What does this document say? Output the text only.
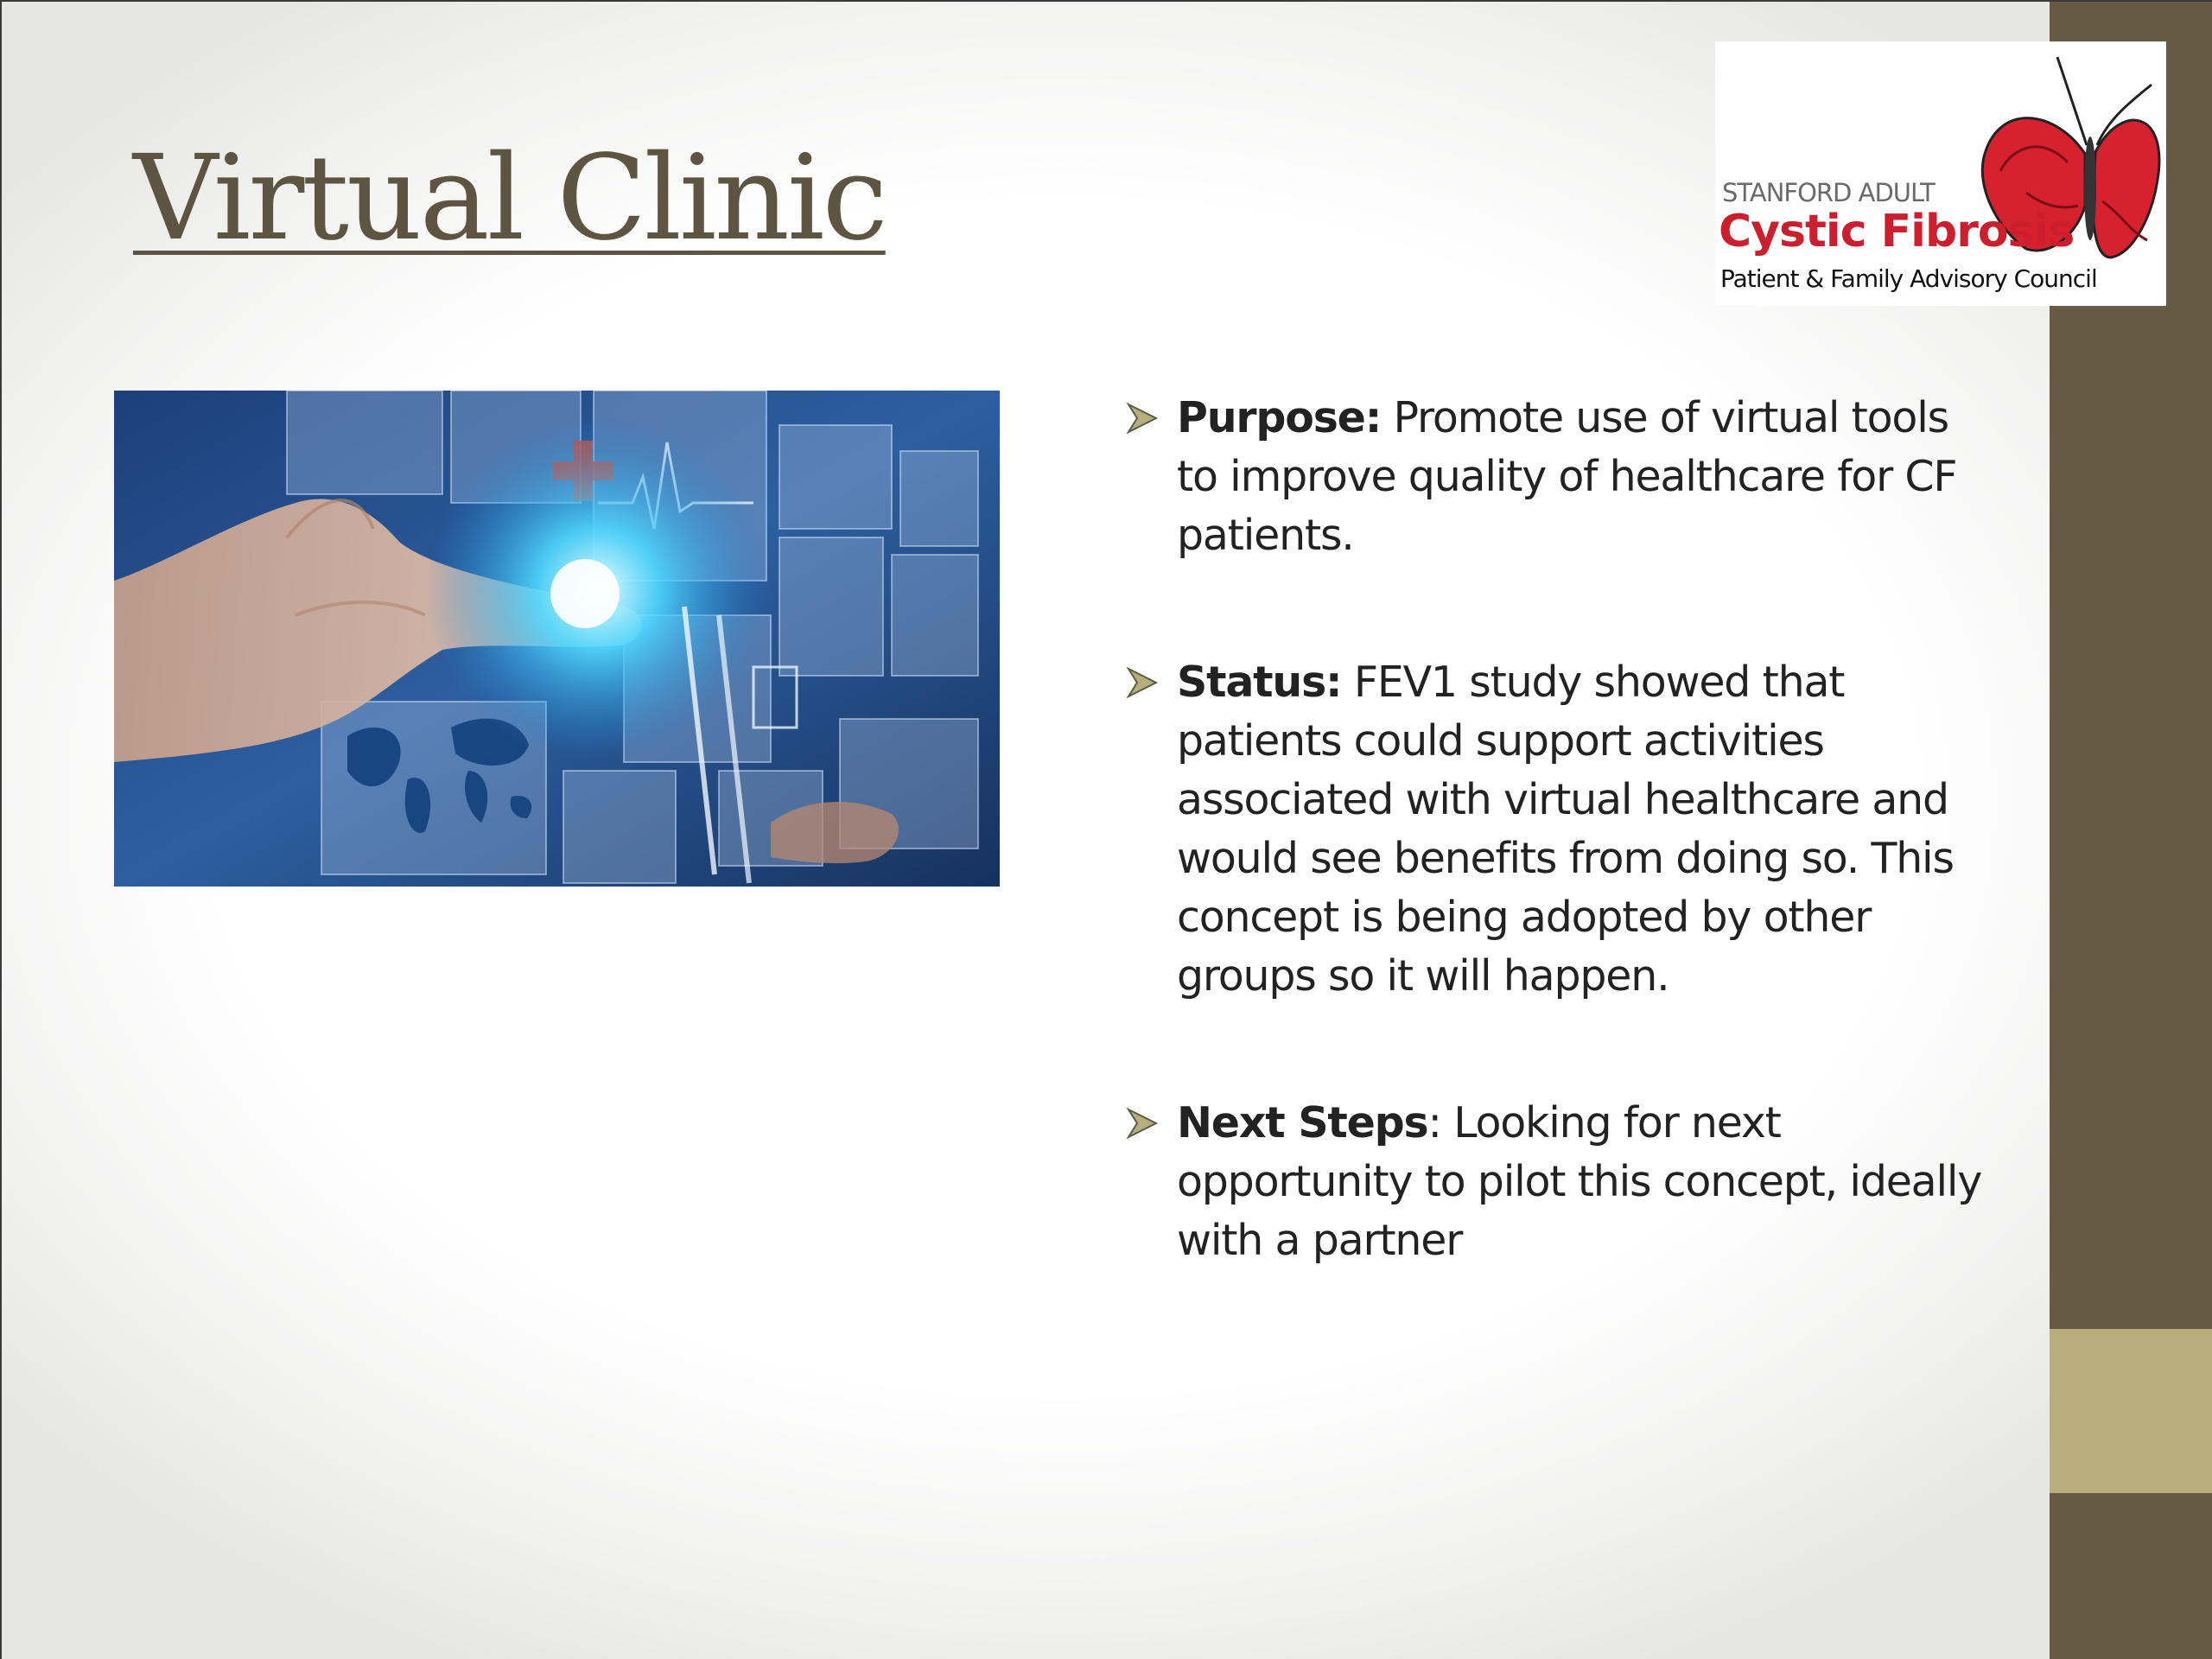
Virtual Clinic	STANFORD ADULT
Cystic Fibrosis
Patient & Family Advisory Council
Purpose: Promote use of virtual tools to improve quality of healthcare for CF patients.
Status: FEV1 study showed that patients could support activities associated with virtual healthcare and would see benefits from doing so. This concept is being adopted by other groups so it will happen.
Next Steps: Looking for next opportunity to pilot this concept, ideally with a partner
